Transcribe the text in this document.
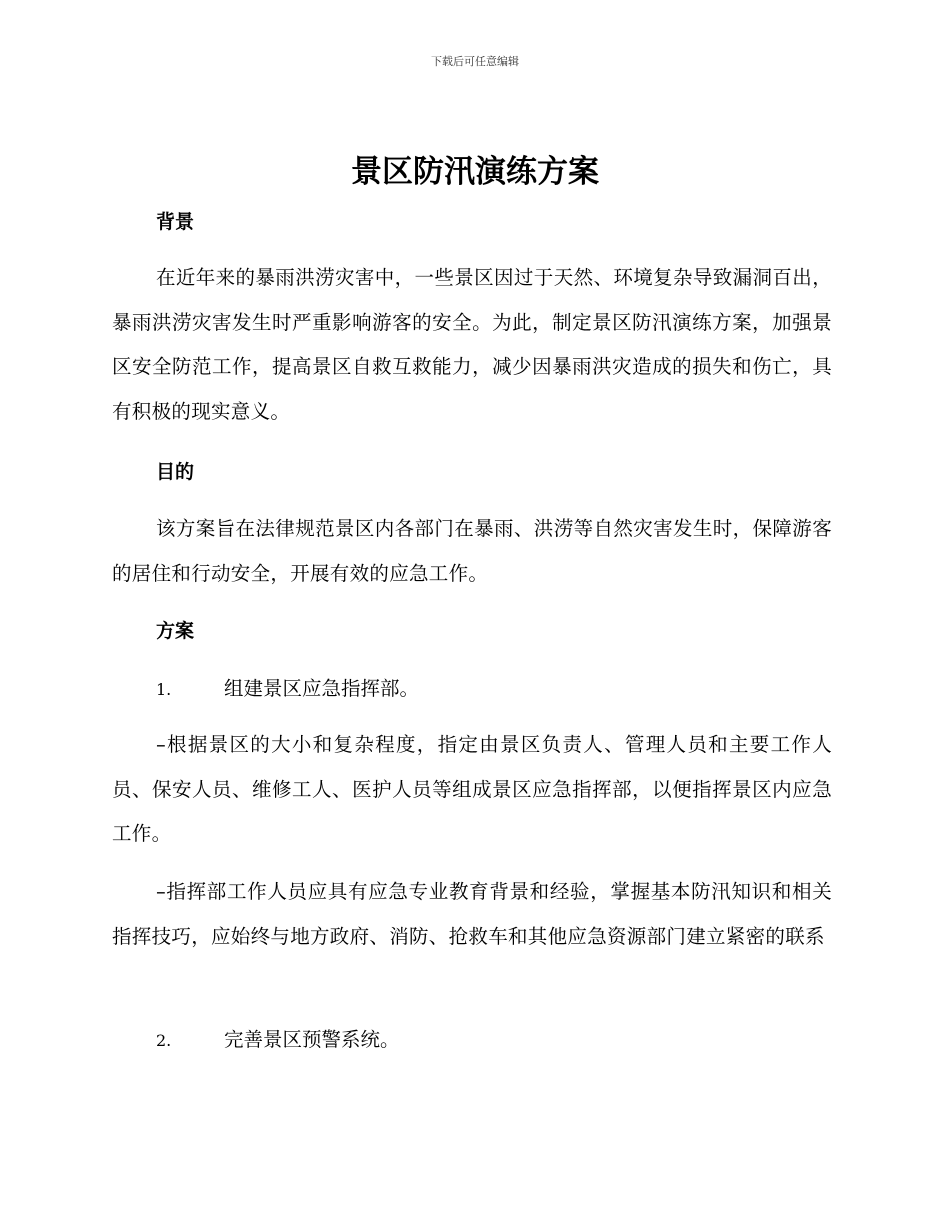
下载后可任意编辑
景区防汛演练方案
背景

在近年来的暴雨洪涝灾害中，一些景区因过于天然、环境复杂导致漏洞百出，暴雨洪涝灾害发生时严重影响游客的安全。为此，制定景区防汛演练方案，加强景区安全防范工作，提高景区自救互救能力，减少因暴雨洪灾造成的损失和伤亡，具有积极的现实意义。

目的

该方案旨在法律规范景区内各部门在暴雨、洪涝等自然灾害发生时，保障游客的居住和行动安全，开展有效的应急工作。

方案

1.	组建景区应急指挥部。

–根据景区的大小和复杂程度，指定由景区负责人、管理人员和主要工作人员、保安人员、维修工人、医护人员等组成景区应急指挥部，以便指挥景区内应急工作。

–指挥部工作人员应具有应急专业教育背景和经验，掌握基本防汛知识和相关指挥技巧，应始终与地方政府、消防、抢救车和其他应急资源部门建立紧密的联系

2.	完善景区预警系统。
